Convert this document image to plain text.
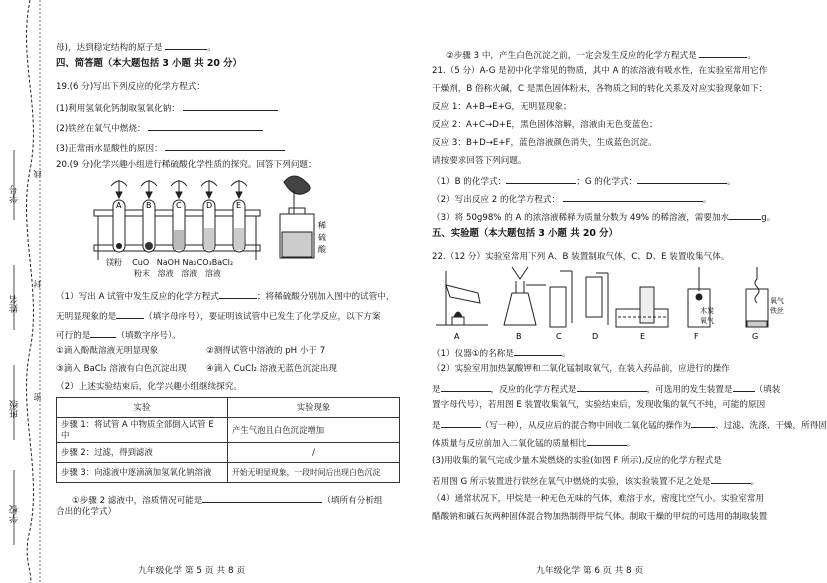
学号
姓名
班级
学校
线
封
密
母)，达到稳定结构的原子是	。
四、简答题（本大题包括 3 小题 共 20 分）
19.(6 分)写出下列反应的化学方程式：
(1)利用氢氧化钙制取氢氧化钠：
(2)铁丝在氧气中燃烧：
(3)正常雨水显酸性的原因：
20.(9 分)化学兴趣小组进行稀硫酸化学性质的探究。回答下列问题：
A	B	C	D	E
稀
硫
酸
镁粉 CuO NaOH Na₂CO₃BaCl₂
粉末 溶液 溶液 溶液
（1）写出 A 试管中发生反应的化学方程式	；将稀硫酸分别加入图中的试管中，
无明显现象的是	（填字母序号），要证明该试管中已发生了化学反应，以下方案
可行的是	（填数字序号）。
①滴入酚酞溶液无明显现象	②测得试管中溶液的 pH 小于 7
③滴入 BaCl₂ 溶液有白色沉淀出现 ④滴入 CuCl₂ 溶液无蓝色沉淀出现
（2）上述实验结束后，化学兴趣小组继续探究。
实验	实验现象
步骤 1：将试管 A 中物质全部倒入试管 E 中	产生气泡且白色沉淀增加
步骤 2：过滤，得到滤液	/
步骤 3：向滤液中逐滴滴加氢氧化钠溶液	开始无明显现象，一段时间后出现白色沉淀
①步骤 2 滤液中，溶质情况可能是	（填所有分析组
合出的化学式）
九年级化学 第 5 页 共 8 页
②步骤 3 中，产生白色沉淀之前，一定会发生反应的化学方程式是	。
21.（5 分）A-G 是初中化学常见的物质，其中 A 的浓溶液有吸水性，在实验室常用它作
干燥剂，B 俗称火碱，C 是黑色固体粉末，各物质之间的转化关系及对应实验现象如下：
反应 1：A+B→E+G，无明显现象；
反应 2：A+C→D+E，黑色固体溶解，溶液由无色变蓝色；
反应 3：B+D→E+F，蓝色溶液颜色消失，生成蓝色沉淀。
请按要求回答下列问题。
（1）B 的化学式：	；G 的化学式：	。
（2）写出反应 2 的化学方程式：	。
（3）将 50g98% 的 A 的浓溶液稀释为质量分数为 49% 的稀溶液，需要加水	g。
五、实验题（本大题包括 3 小题 共 20 分）
22.（12 分）实验室常用下列 A、B 装置制取气体，C、D、E 装置收集气体。
木炭
氧气
氧气
铁丝
A	B	C	D	E	F	G
（1）仪器①的名称是	。
（2）实验室用加热氯酸钾和二氧化锰制取氧气，在装入药品前，应进行的操作
是	，反应的化学方程式是	，可选用的发生装置是	（填装
置字母代号），若用图 E 装置收集氧气，实验结束后，发现收集的氧气不纯，可能的原因
是	（写一种），从反应后的混合物中回收二氧化锰的操作为	、过滤、洗涤、干燥，所得固
体质量与反应前加入二氧化锰的质量相比	。
(3)用收集的氧气完成少量木炭燃烧的实验(如图 F 所示),反应的化学方程式是
若用图 G 所示装置进行铁丝在氧气中燃烧的实验，该实验装置不足之处是	。
（4）通常状况下，甲烷是一种无色无味的气体，难溶于水，密度比空气小。实验室常用
醋酸钠和碱石灰两种固体混合物加热制得甲烷气体。制取干燥的甲烷的可选用的制取装置
九年级化学 第 6 页 共 8 页
